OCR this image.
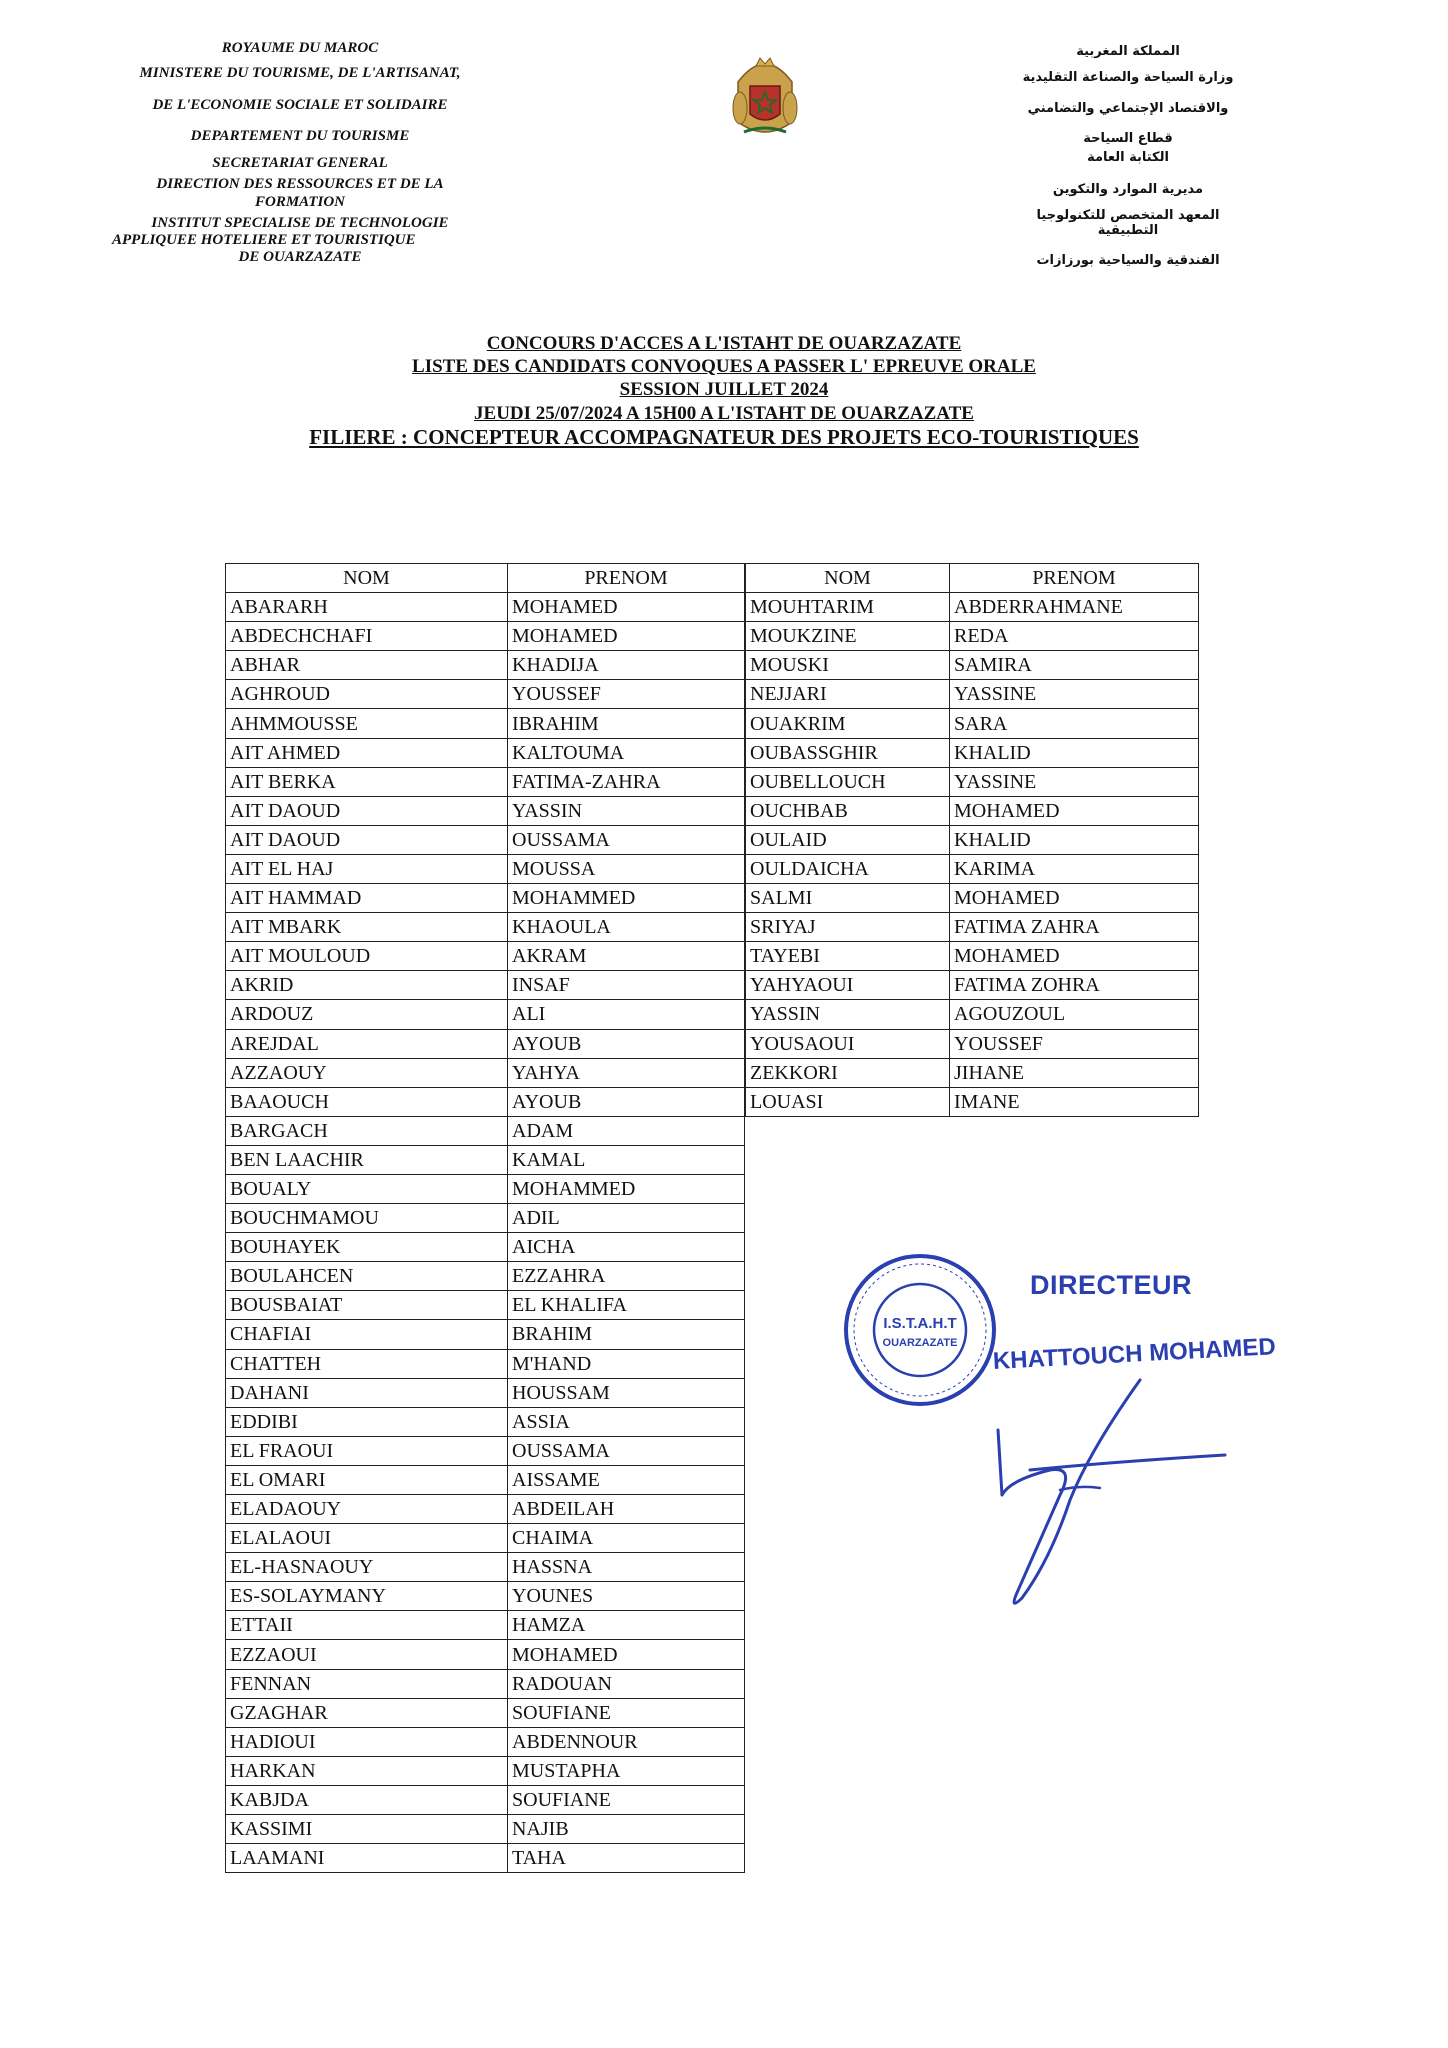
ROYAUME DU MAROC
MINISTERE DU TOURISME, DE L'ARTISANAT,
DE L'ECONOMIE SOCIALE ET SOLIDAIRE
DEPARTEMENT DU TOURISME
SECRETARIAT GENERAL
DIRECTION DES RESSOURCES ET DE LA FORMATION
INSTITUT SPECIALISE DE TECHNOLOGIE
APPLIQUEE HOTELIERE ET TOURISTIQUE
DE OUARZAZATE
المملكة المغربية
وزارة السياحة والصناعة التقليدية
والاقتصاد الإجتماعي والتضامني
قطاع السياحة
الكتابة العامة
مديرية الموارد والتكوين
المعهد المتخصص للتكنولوجيا التطبيقية
الفندقية والسياحية بورزازات
CONCOURS D'ACCES A L'ISTAHT DE OUARZAZATE
LISTE DES CANDIDATS CONVOQUES A PASSER L' EPREUVE ORALE
SESSION JUILLET 2024
JEUDI 25/07/2024 A 15H00 A L'ISTAHT DE OUARZAZATE
FILIERE : CONCEPTEUR ACCOMPAGNATEUR DES PROJETS ECO-TOURISTIQUES
NOM	PRENOM
ABARARH	MOHAMED
ABDECHCHAFI	MOHAMED
ABHAR	KHADIJA
AGHROUD	YOUSSEF
AHMMOUSSE	IBRAHIM
AIT AHMED	KALTOUMA
AIT BERKA	FATIMA-ZAHRA
AIT DAOUD	YASSIN
AIT DAOUD	OUSSAMA
AIT EL HAJ	MOUSSA
AIT HAMMAD	MOHAMMED
AIT MBARK	KHAOULA
AIT MOULOUD	AKRAM
AKRID	INSAF
ARDOUZ	ALI
AREJDAL	AYOUB
AZZAOUY	YAHYA
BAAOUCH	AYOUB
BARGACH	ADAM
BEN LAACHIR	KAMAL
BOUALY	MOHAMMED
BOUCHMAMOU	ADIL
BOUHAYEK	AICHA
BOULAHCEN	EZZAHRA
BOUSBAIAT	EL KHALIFA
CHAFIAI	BRAHIM
CHATTEH	M'HAND
DAHANI	HOUSSAM
EDDIBI	ASSIA
EL FRAOUI	OUSSAMA
EL OMARI	AISSAME
ELADAOUY	ABDEILAH
ELALAOUI	CHAIMA
EL-HASNAOUY	HASSNA
ES-SOLAYMANY	YOUNES
ETTAII	HAMZA
EZZAOUI	MOHAMED
FENNAN	RADOUAN
GZAGHAR	SOUFIANE
HADIOUI	ABDENNOUR
HARKAN	MUSTAPHA
KABJDA	SOUFIANE
KASSIMI	NAJIB
LAAMANI	TAHA
NOM	PRENOM
MOUHTARIM	ABDERRAHMANE
MOUKZINE	REDA
MOUSKI	SAMIRA
NEJJARI	YASSINE
OUAKRIM	SARA
OUBASSGHIR	KHALID
OUBELLOUCH	YASSINE
OUCHBAB	MOHAMED
OULAID	KHALID
OULDAICHA	KARIMA
SALMI	MOHAMED
SRIYAJ	FATIMA ZAHRA
TAYEBI	MOHAMED
YAHYAOUI	FATIMA ZOHRA
YASSIN	AGOUZOUL
YOUSAOUI	YOUSSEF
ZEKKORI	JIHANE
LOUASI	IMANE
I.S.T.A.H.T
OUARZAZATE
DIRECTEUR
KHATTOUCH MOHAMED
